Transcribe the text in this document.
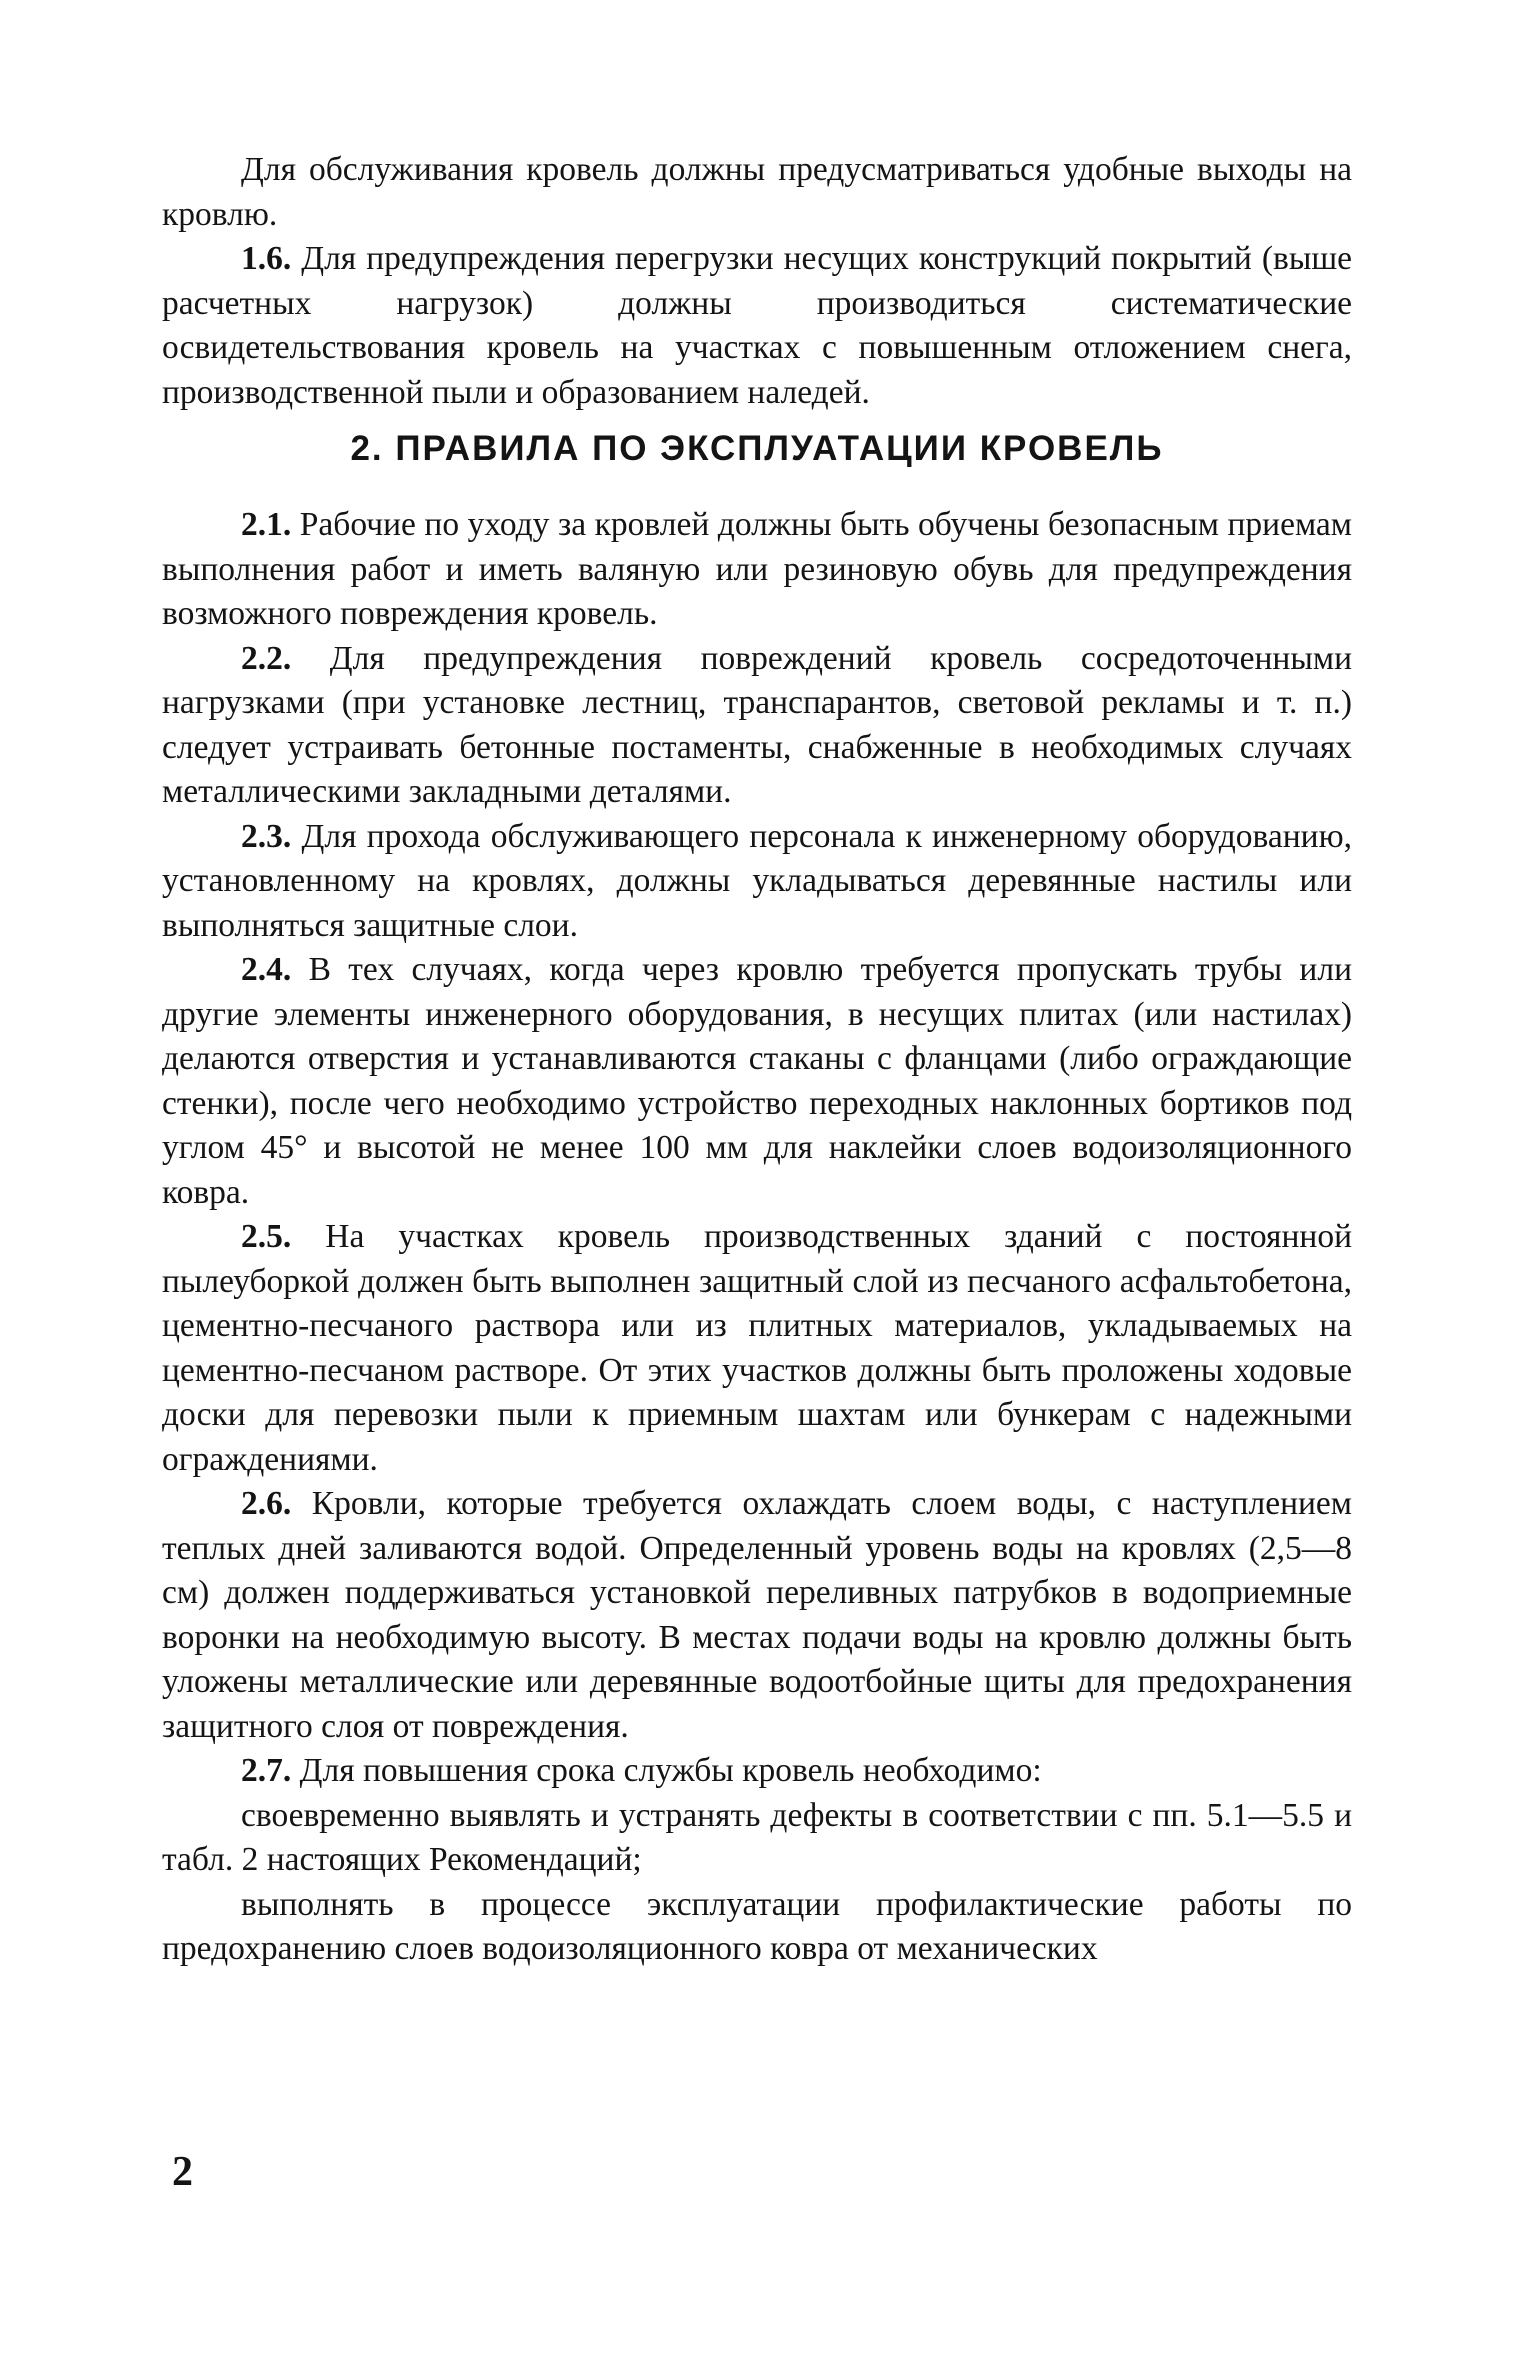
Для обслуживания кровель должны предусматриваться удобные выходы на кровлю.

1.6. Для предупреждения перегрузки несущих конструкций покрытий (выше расчетных нагрузок) должны производиться систематические освидетельствования кровель на участках с повышенным отложением снега, производственной пыли и образованием наледей.

2. ПРАВИЛА ПО ЭКСПЛУАТАЦИИ КРОВЕЛЬ

2.1. Рабочие по уходу за кровлей должны быть обучены безопасным приемам выполнения работ и иметь валяную или резиновую обувь для предупреждения возможного повреждения кровель.

2.2. Для предупреждения повреждений кровель сосредоточенными нагрузками (при установке лестниц, транспарантов, световой рекламы и т. п.) следует устраивать бетонные постаменты, снабженные в необходимых случаях металлическими закладными деталями.

2.3. Для прохода обслуживающего персонала к инженерному оборудованию, установленному на кровлях, должны укладываться деревянные настилы или выполняться защитные слои.

2.4. В тех случаях, когда через кровлю требуется пропускать трубы или другие элементы инженерного оборудования, в несущих плитах (или настилах) делаются отверстия и устанавливаются стаканы с фланцами (либо ограждающие стенки), после чего необходимо устройство переходных наклонных бортиков под углом 45° и высотой не менее 100 мм для наклейки слоев водоизоляционного ковра.

2.5. На участках кровель производственных зданий с постоянной пылеуборкой должен быть выполнен защитный слой из песчаного асфальтобетона, цементно-песчаного раствора или из плитных материалов, укладываемых на цементно-песчаном растворе. От этих участков должны быть проложены ходовые доски для перевозки пыли к приемным шахтам или бункерам с надежными ограждениями.

2.6. Кровли, которые требуется охлаждать слоем воды, с наступлением теплых дней заливаются водой. Определенный уровень воды на кровлях (2,5—8 см) должен поддерживаться установкой переливных патрубков в водоприемные воронки на необходимую высоту. В местах подачи воды на кровлю должны быть уложены металлические или деревянные водоотбойные щиты для предохранения защитного слоя от повреждения.

2.7. Для повышения срока службы кровель необходимо:

своевременно выявлять и устранять дефекты в соответствии с пп. 5.1—5.5 и табл. 2 настоящих Рекомендаций;

выполнять в процессе эксплуатации профилактические работы по предохранению слоев водоизоляционного ковра от механических

2
